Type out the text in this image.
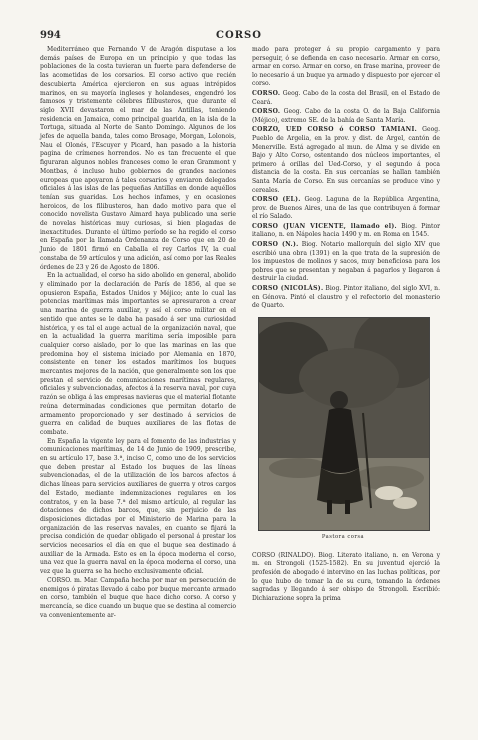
994	CORSO

Mediterráneo que Fernando V de Aragón disputase a los demás países de Europa en un principio y que todas las poblaciones de la costa tuvieran un fuerte para defenderse de las acometidas de los corsarios. El corso activo que recién descubierta América ejercieron en sus aguas intrépidos marinos, en su mayoría ingleses y holandeses, engendró los famosos y tristemente célebres filibusteros, que durante el siglo XVII devastaron el mar de las Antillas, teniendo residencia en Jamaica, como principal guarida, en la isla de la Tortuga, situada al Norte de Santo Domingo. Algunos de los jefes de aquella banda, tales como Brosage, Morgan, Lolonois, Nau el Olonés, l'Escuyer y Picard, han pasado a la historia pagina de crímenes horrendos. No es tan frecuente el que figuraran algunos nobles franceses como le eran Grammont y Montbas, é incluso hubo gobiernos de grandes naciones europeas que apoyaron á tales corsarios y enviaron delegados oficiales á las islas de las pequeñas Antillas en donde aquéllos tenían sus guaridas. Los hechos infames, y en ocasiones heroicos, de los filibusteros, han dado motivo para que el conocido novelista Gustavo Aimard haya publicado una serie de novelas históricas muy curiosas, si bien plagadas de inexactitudes. Durante el último período se ha regido el corso en España por la llamada Ordenanza de Corso que en 20 de Junio de 1801 firmó en Caballa el rey Carlos IV, la cual constaba de 59 artículos y una adición, así como por las Reales órdenes de 23 y 26 de Agosto de 1806.

En la actualidad, el corso ha sido abolido en general, abolido y eliminado por la declaración de París de 1856, al que se opusieron España, Estados Unidos y Méjico; ante lo cual las potencias marítimas más importantes se apresuraron a crear una marina de guerra auxiliar, y así el corso militar en el sentido que antes se le daba ha pasado á ser una curiosidad histórica, y es tal el auge actual de la organización naval, que en la actualidad la guerra marítima sería imposible para cualquier corso aislado, por lo que las marinas en las que predomina hoy el sistema iniciado por Alemania en 1870, consistente en tener los estados marítimos los buques mercantes mejores de la nación, que generalmente son los que prestan el servicio de comunicaciones marítimas regulares, oficiales y subvencionadas, afectos á la reserva naval, por cuya razón se obliga á las empresas navieras que el material flotante reúna determinadas condiciones que permitan dotarlo de armamento proporcionado y ser destinado á servicios de guerra en calidad de buques auxiliares de las flotas de combate.

En España la vigente ley para el fomento de las industrias y comunicaciones marítimas, de 14 de Junio de 1909, prescribe, en su artículo 17, base 3.ª, inciso C, como uno de los servicios que deben prestar al Estado los buques de las líneas subvencionadas, el de la utilización de los barcos afectos á dichas líneas para servicios auxiliares de guerra y otros cargos del Estado, mediante indemnizaciones regulares en los contratos, y en la base 7.ª del mismo artículo, al regular las dotaciones de dichos barcos, que, sin perjuicio de las disposiciones dictadas por el Ministerio de Marina para la organización de las reservas navales, en cuanto se fijará la precisa condición de quedar obligado el personal á prestar los servicios necesarios el día en que el buque sea destinado á auxiliar de la Armada. Esto es en la época moderna el corso, una vez que la guerra naval en la época moderna el corso, una vez que la guerra se ha hecho exclusivamente oficial.

CORSO. m. Mar. Campaña hecha por mar en persecución de enemigos ó piratas llevado á cabo por buque mercante armado en corso, también el buque que hace dicho corso. A corso y mercancía, se dice cuando un buque que se destina al comercio va convenientemente ar-

mado para proteger á su propio cargamento y para perseguir, ó se defienda en caso necesario. Armar en corso, armar en corso. Armar en corso, en frase marina, proveer de lo necesario á un buque ya armado y dispuesto por ejercer el corso.
CORSO. Geog. Cabo de la costa del Brasil, en el Estado de Ceará.
CORSO. Geog. Cabo de la costa O. de la Baja California (Méjico), extremo SE. de la bahía de Santa María.
CORZO, UED CORSO ó CORSO TAMIANI. Geog. Pueblo de Argelia, en la prov. y dist. de Argel, cantón de Menerville. Está agregado al mun. de Alma y se divide en Bajo y Alto Corso, ostentando dos núcleos importantes, el primero á orillas del Ued-Corso, y el segundo á poca distancia de la costa. En sus cercanías se hallan también Santa María de Corso. En sus cercanías se produce vino y cereales.
CORSO (EL). Geog. Laguna de la República Argentina, prov. de Buenos Aires, una de las que contribuyen á formar el río Salado.
CORSO (JUAN VICENTE, llamado el). Biog. Pintor italiano, n. en Nápoles hacia 1490 y m. en Roma en 1545.
CORSO (N.). Biog. Notario mallorquín del siglo XIV que escribió una obra (1391) en la que trata de la supresión de los impuestos de molinos y sacos, muy beneficiosa para los pobres que se presentan y negaban á pagarlos y llegaron á destruir la ciudad.
CORSO (NICOLÁS). Biog. Pintor italiano, del siglo XVI, n. en Génova. Pintó el claustro y el refectorio del monasterio de Quarto.
Pastora corsa
CORSO (RINALDO). Biog. Literato italiano, n. en Verona y m. en Strongoli (1525-1582). En su juventud ejerció la profesión de abogado é intervino en las luchas políticas, por lo que hubo de tomar la de su cura, tomando la órdenes sagradas y llegando á ser obispo de Strongoli. Escribió: Dichiarazione sopra la prima
